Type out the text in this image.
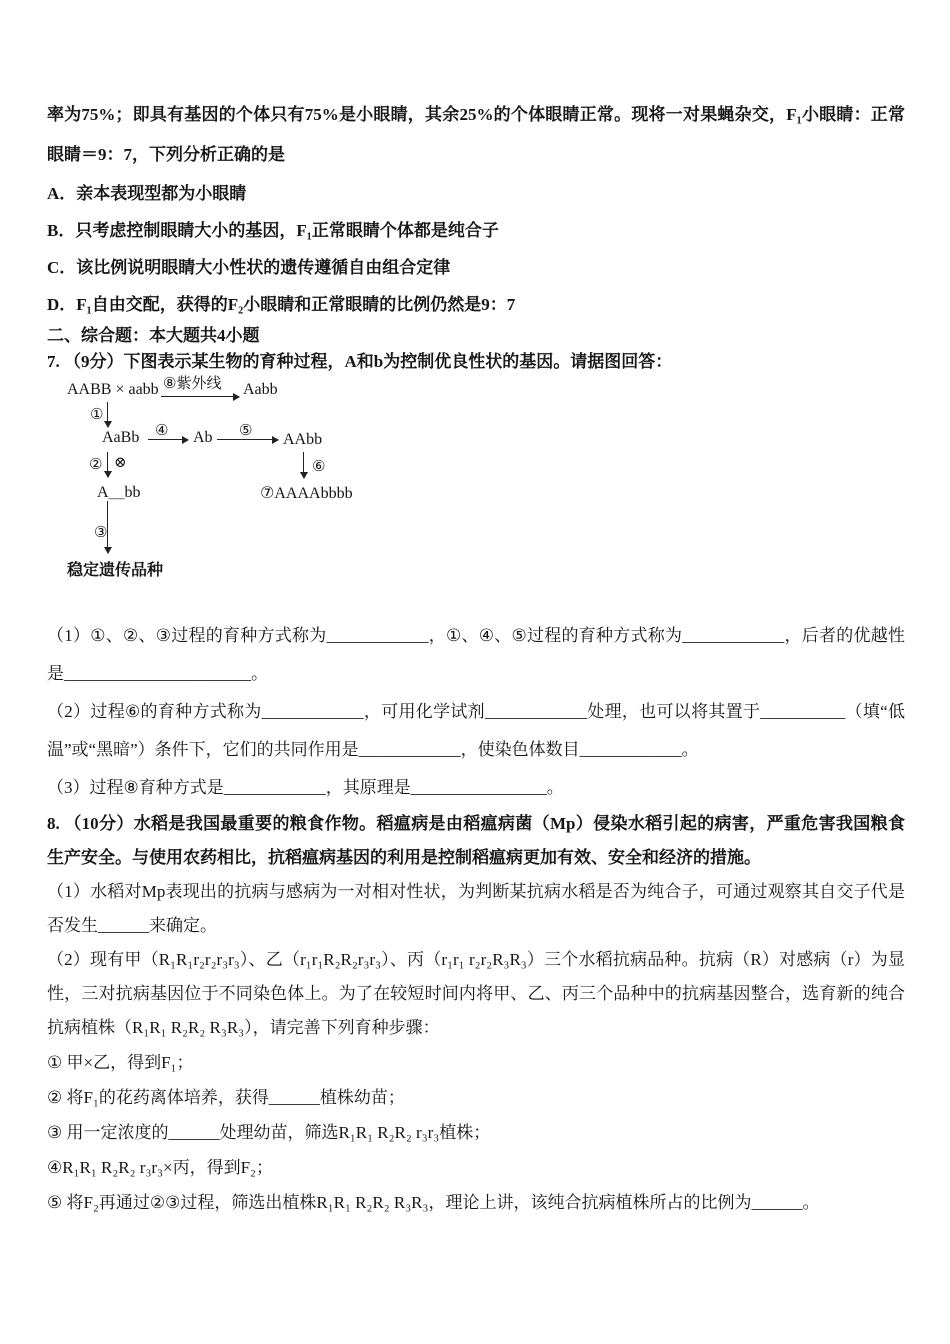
率为75%；即具有基因的个体只有75%是小眼睛，其余25%的个体眼睛正常。现将一对果蝇杂交，F₁小眼睛：正常眼睛＝9：7，下列分析正确的是

A．亲本表现型都为小眼睛

B．只考虑控制眼睛大小的基因，F₁正常眼睛个体都是纯合子

C．该比例说明眼睛大小性状的遗传遵循自由组合定律

D．F₁自由交配，获得的F₂小眼睛和正常眼睛的比例仍然是9：7

二、综合题：本大题共4小题

7. （9分）下图表示某生物的育种过程，A和b为控制优良性状的基因。请据图回答：

AABB × aabb ⑧紫外线 Aabb
①
AaBb ④ Ab ⑤ AAbb
② ⊗
A＿bb
⑥
⑦AAAAbbbb
③
稳定遗传品种

（1）①、②、③过程的育种方式称为____________，①、④、⑤过程的育种方式称为____________，后者的优越性是______________________。

（2）过程⑥的育种方式称为____________，可用化学试剂____________处理，也可以将其置于__________（填“低温”或“黑暗”）条件下，它们的共同作用是____________，使染色体数目____________。

（3）过程⑧育种方式是____________，其原理是________________。

8. （10分）水稻是我国最重要的粮食作物。稻瘟病是由稻瘟病菌（Mp）侵染水稻引起的病害，严重危害我国粮食生产安全。与使用农药相比，抗稻瘟病基因的利用是控制稻瘟病更加有效、安全和经济的措施。

（1）水稻对Mp表现出的抗病与感病为一对相对性状，为判断某抗病水稻是否为纯合子，可通过观察其自交子代是否发生______来确定。

（2）现有甲（R₁R₁r₂r₂r₃r₃）、乙（r₁r₁R₂R₂r₃r₃）、丙（r₁r₁ r₂r₂R₃R₃）三个水稻抗病品种。抗病（R）对感病（r）为显性，三对抗病基因位于不同染色体上。为了在较短时间内将甲、乙、丙三个品种中的抗病基因整合，选育新的纯合抗病植株（R₁R₁ R₂R₂ R₃R₃），请完善下列育种步骤：

① 甲×乙，得到F₁；

② 将F₁的花药离体培养，获得______植株幼苗；

③ 用一定浓度的______处理幼苗，筛选R₁R₁ R₂R₂ r₃r₃植株；

④R₁R₁ R₂R₂ r₃r₃×丙，得到F₂；

⑤ 将F₂再通过②③过程，筛选出植株R₁R₁ R₂R₂ R₃R₃，理论上讲，该纯合抗病植株所占的比例为______。
